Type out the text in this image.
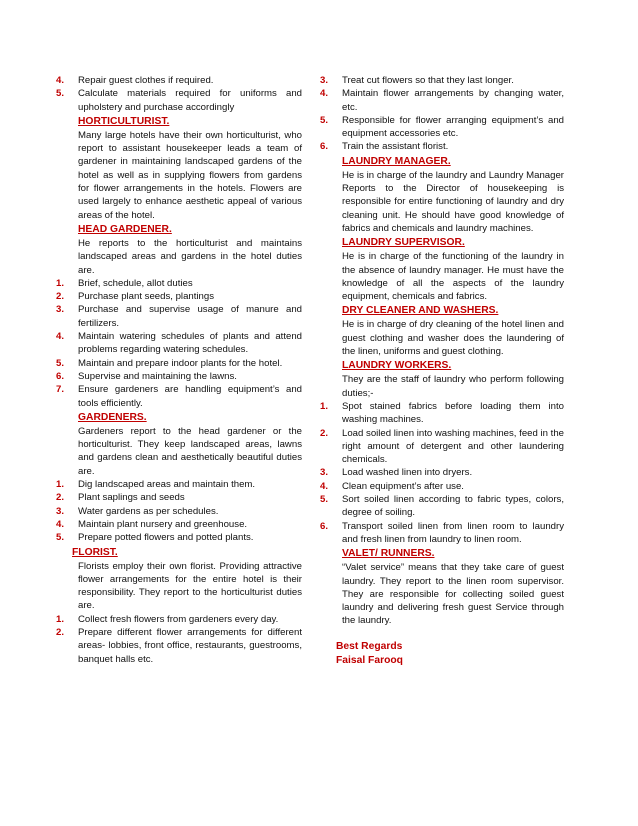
4. Repair guest clothes if required.
5. Calculate materials required for uniforms and upholstery and purchase accordingly
HORTICULTURIST.
Many large hotels have their own horticulturist, who report to assistant housekeeper leads a team of gardener in maintaining landscaped gardens of the hotel as well as in supplying flowers from gardens for flower arrangements in the hotels. Flowers are used largely to enhance aesthetic appeal of various areas of the hotel.
HEAD GARDENER.
He reports to the horticulturist and maintains landscaped areas and gardens in the hotel duties are.
1. Brief, schedule, allot duties
2. Purchase plant seeds, plantings
3. Purchase and supervise usage of manure and fertilizers.
4. Maintain watering schedules of plants and attend problems regarding watering schedules.
5. Maintain and prepare indoor plants for the hotel.
6. Supervise and maintaining the lawns.
7. Ensure gardeners are handling equipment’s and tools efficiently.
GARDENERS.
Gardeners report to the head gardener or the horticulturist. They keep landscaped areas, lawns and gardens clean and aesthetically beautiful duties are.
1. Dig landscaped areas and maintain them.
2. Plant saplings and seeds
3. Water gardens as per schedules.
4. Maintain plant nursery and greenhouse.
5. Prepare potted flowers and potted plants.
FLORIST.
Florists employ their own florist. Providing attractive flower arrangements for the entire hotel is their responsibility. They report to the horticulturist duties are.
1. Collect fresh flowers from gardeners every day.
2. Prepare different flower arrangements for different areas- lobbies, front office, restaurants, guestrooms, banquet halls etc.
3. Treat cut flowers so that they last longer.
4. Maintain flower arrangements by changing water, etc.
5. Responsible for flower arranging equipment’s and equipment accessories etc.
6. Train the assistant florist.
LAUNDRY MANAGER.
He is in charge of the laundry and Laundry Manager Reports to the Director of housekeeping is responsible for entire functioning of laundry and dry cleaning unit. He should have good knowledge of fabrics and chemicals and laundry machines.
LAUNDRY SUPERVISOR.
He is in charge of the functioning of the laundry in the absence of laundry manager. He must have the knowledge of all the aspects of the laundry equipment, chemicals and fabrics.
DRY CLEANER AND WASHERS.
He is in charge of dry cleaning of the hotel linen and guest clothing and washer does the laundering of the linen, uniforms and guest clothing.
LAUNDRY WORKERS.
They are the staff of laundry who perform following duties;-
1. Spot stained fabrics before loading them into washing machines.
2. Load soiled linen into washing machines, feed in the right amount of detergent and other laundering chemicals.
3. Load washed linen into dryers.
4. Clean equipment’s after use.
5. Sort soiled linen according to fabric types, colors, degree of soiling.
6. Transport soiled linen from linen room to laundry and fresh linen from laundry to linen room.
VALET/ RUNNERS.
“Valet service” means that they take care of guest laundry. They report to the linen room supervisor. They are responsible for collecting soiled guest laundry and delivering fresh guest Service through the laundry.
Best Regards
Faisal Farooq
